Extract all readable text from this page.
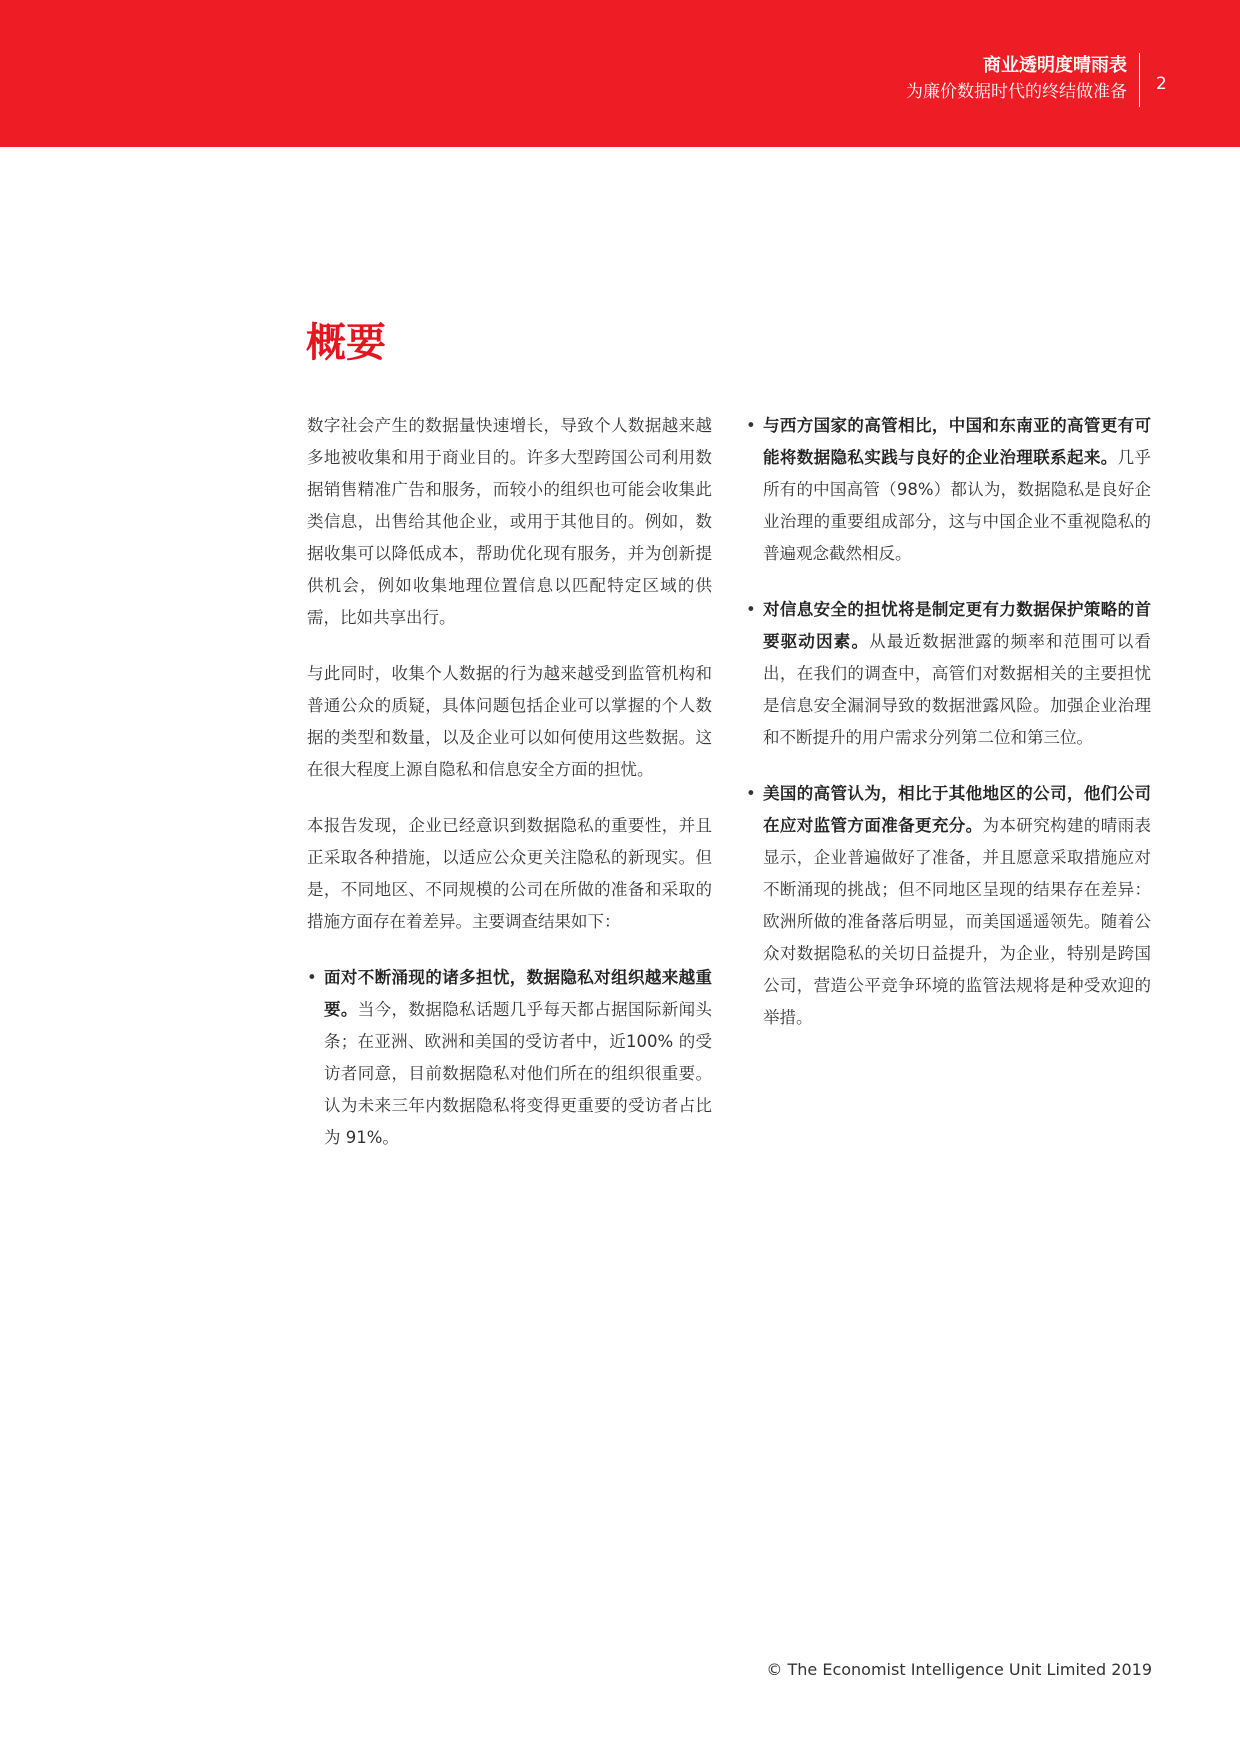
商业透明度晴雨表
为廉价数据时代的终结做准备 2
概要

数字社会产生的数据量快速增长，导致个人数据越来越多地被收集和用于商业目的。许多大型跨国公司利用数据销售精准广告和服务，而较小的组织也可能会收集此类信息，出售给其他企业，或用于其他目的。例如，数据收集可以降低成本，帮助优化现有服务，并为创新提供机会，例如收集地理位置信息以匹配特定区域的供需，比如共享出行。

与此同时，收集个人数据的行为越来越受到监管机构和普通公众的质疑，具体问题包括企业可以掌握的个人数据的类型和数量，以及企业可以如何使用这些数据。这在很大程度上源自隐私和信息安全方面的担忧。

本报告发现，企业已经意识到数据隐私的重要性，并且正采取各种措施，以适应公众更关注隐私的新现实。但是，不同地区、不同规模的公司在所做的准备和采取的措施方面存在着差异。主要调查结果如下：

• 面对不断涌现的诸多担忧，数据隐私对组织越来越重要。当今，数据隐私话题几乎每天都占据国际新闻头条；在亚洲、欧洲和美国的受访者中，近100% 的受访者同意，目前数据隐私对他们所在的组织很重要。认为未来三年内数据隐私将变得更重要的受访者占比为 91%。
• 与西方国家的高管相比，中国和东南亚的高管更有可能将数据隐私实践与良好的企业治理联系起来。几乎所有的中国高管（98%）都认为，数据隐私是良好企业治理的重要组成部分，这与中国企业不重视隐私的普遍观念截然相反。
• 对信息安全的担忧将是制定更有力数据保护策略的首要驱动因素。从最近数据泄露的频率和范围可以看出，在我们的调查中，高管们对数据相关的主要担忧是信息安全漏洞导致的数据泄露风险。加强企业治理和不断提升的用户需求分列第二位和第三位。
• 美国的高管认为，相比于其他地区的公司，他们公司在应对监管方面准备更充分。为本研究构建的晴雨表显示，企业普遍做好了准备，并且愿意采取措施应对不断涌现的挑战；但不同地区呈现的结果存在差异：欧洲所做的准备落后明显，而美国遥遥领先。随着公众对数据隐私的关切日益提升，为企业，特别是跨国公司，营造公平竞争环境的监管法规将是种受欢迎的举措。
© The Economist Intelligence Unit Limited 2019
